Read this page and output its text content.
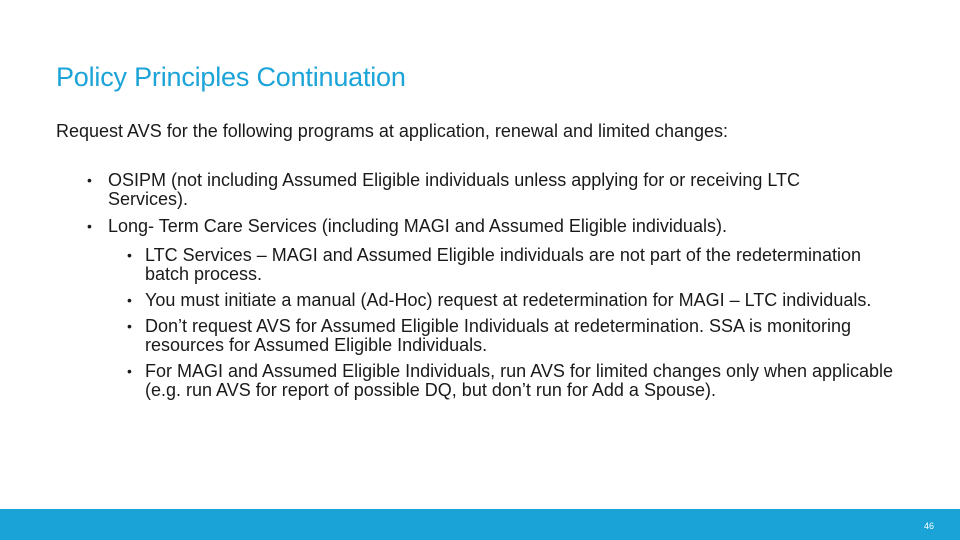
Policy Principles Continuation
Request AVS for the following programs at application, renewal and limited changes:
• OSIPM (not including Assumed Eligible individuals unless applying for or receiving LTC Services).
• Long- Term Care Services (including MAGI and Assumed Eligible individuals).
• LTC Services – MAGI and Assumed Eligible individuals are not part of the redetermination batch process.
• You must initiate a manual (Ad-Hoc) request at redetermination for MAGI – LTC individuals.
• Don’t request AVS for Assumed Eligible Individuals at redetermination. SSA is monitoring resources for Assumed Eligible Individuals.
• For MAGI and Assumed Eligible Individuals, run AVS for limited changes only when applicable (e.g. run AVS for report of possible DQ, but don’t run for Add a Spouse).
46
